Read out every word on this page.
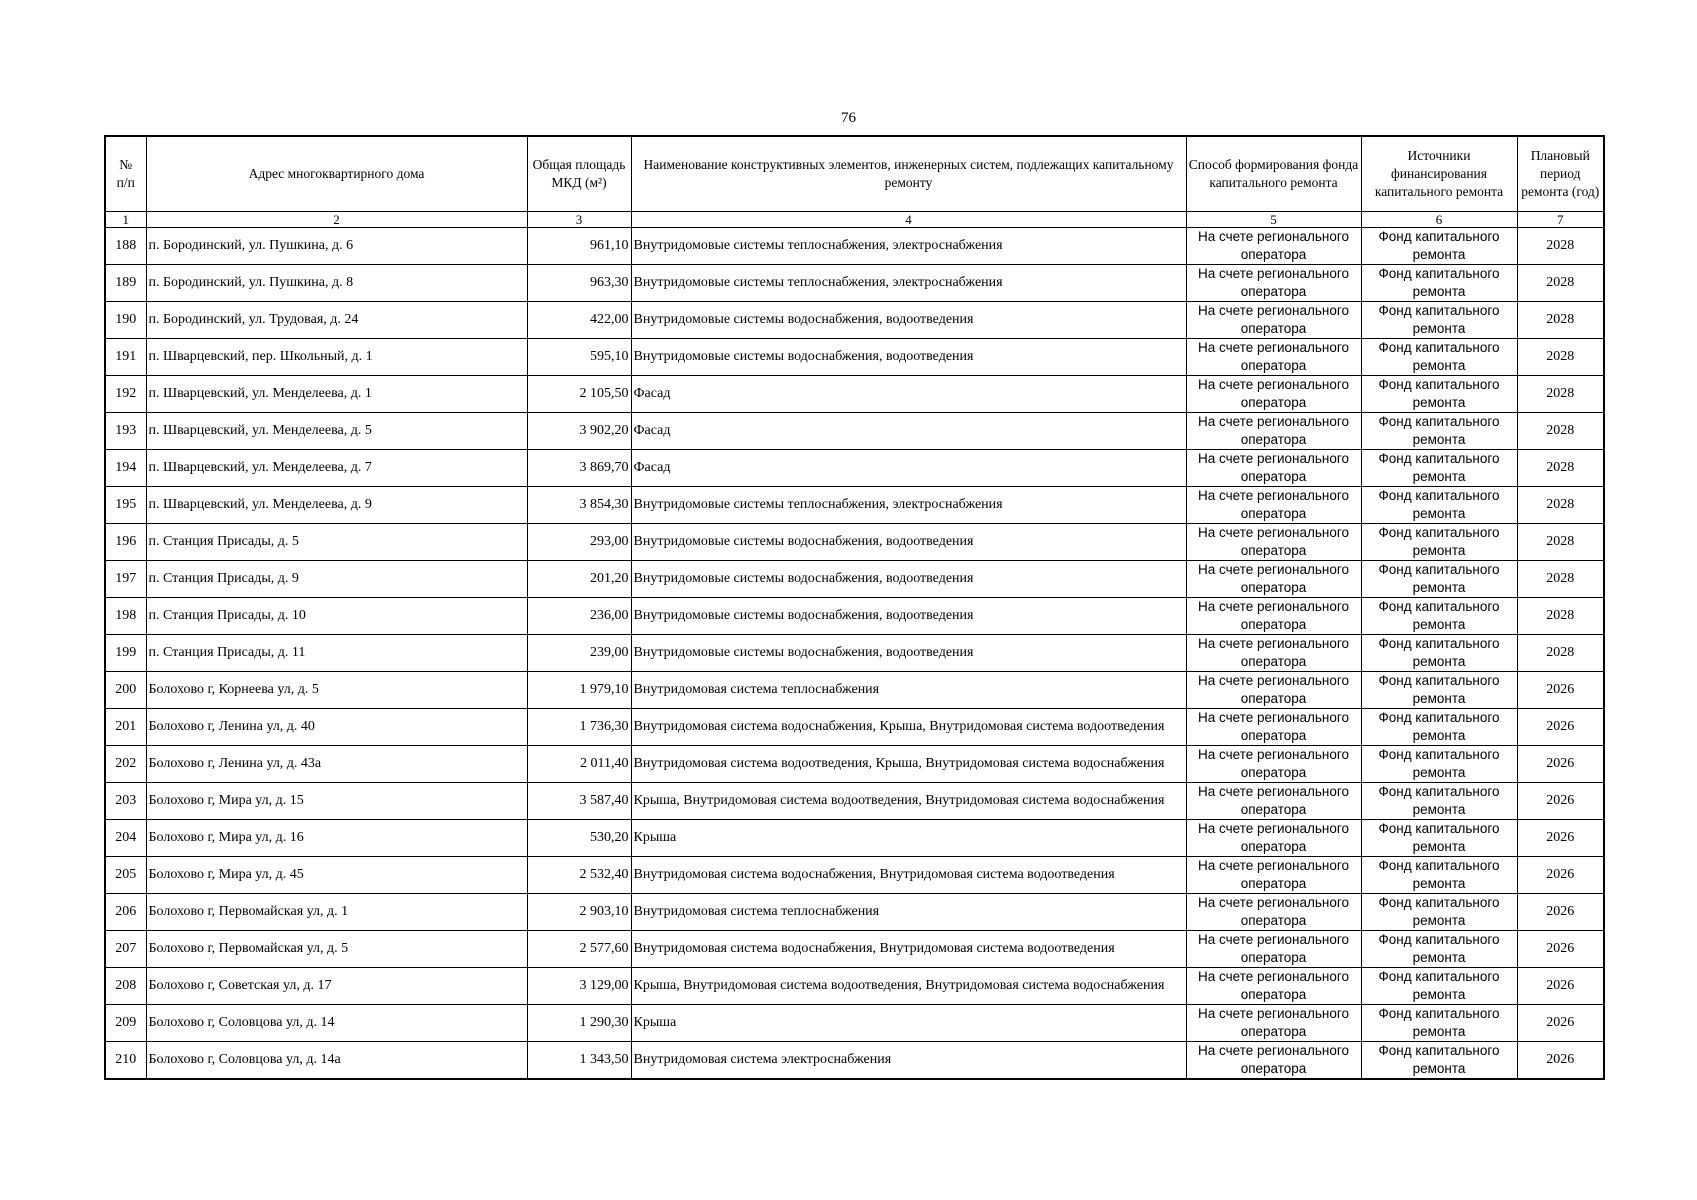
76
№
п/п	Адрес многоквартирного дома	Общая площадь МКД (м²)	Наименование конструктивных элементов, инженерных систем, подлежащих капитальному ремонту	Способ формирования фонда капитального ремонта	Источники финансирования капитального ремонта	Плановый период ремонта (год)
1	2	3	4	5	6	7
188	п. Бородинский, ул. Пушкина, д. 6	961,10	Внутридомовые системы теплоснабжения, электроснабжения	На счете регионального оператора	Фонд капитального ремонта	2028
189	п. Бородинский, ул. Пушкина, д. 8	963,30	Внутридомовые системы теплоснабжения, электроснабжения	На счете регионального оператора	Фонд капитального ремонта	2028
190	п. Бородинский, ул. Трудовая, д. 24	422,00	Внутридомовые системы водоснабжения, водоотведения	На счете регионального оператора	Фонд капитального ремонта	2028
191	п. Шварцевский, пер. Школьный, д. 1	595,10	Внутридомовые системы водоснабжения, водоотведения	На счете регионального оператора	Фонд капитального ремонта	2028
192	п. Шварцевский, ул. Менделеева, д. 1	2 105,50	Фасад	На счете регионального оператора	Фонд капитального ремонта	2028
193	п. Шварцевский, ул. Менделеева, д. 5	3 902,20	Фасад	На счете регионального оператора	Фонд капитального ремонта	2028
194	п. Шварцевский, ул. Менделеева, д. 7	3 869,70	Фасад	На счете регионального оператора	Фонд капитального ремонта	2028
195	п. Шварцевский, ул. Менделеева, д. 9	3 854,30	Внутридомовые системы теплоснабжения, электроснабжения	На счете регионального оператора	Фонд капитального ремонта	2028
196	п. Станция Присады, д. 5	293,00	Внутридомовые системы водоснабжения, водоотведения	На счете регионального оператора	Фонд капитального ремонта	2028
197	п. Станция Присады, д. 9	201,20	Внутридомовые системы водоснабжения, водоотведения	На счете регионального оператора	Фонд капитального ремонта	2028
198	п. Станция Присады, д. 10	236,00	Внутридомовые системы водоснабжения, водоотведения	На счете регионального оператора	Фонд капитального ремонта	2028
199	п. Станция Присады, д. 11	239,00	Внутридомовые системы водоснабжения, водоотведения	На счете регионального оператора	Фонд капитального ремонта	2028
200	Болохово г, Корнеева ул, д. 5	1 979,10	Внутридомовая система теплоснабжения	На счете регионального оператора	Фонд капитального ремонта	2026
201	Болохово г, Ленина ул, д. 40	1 736,30	Внутридомовая система водоснабжения, Крыша, Внутридомовая система водоотведения	На счете регионального оператора	Фонд капитального ремонта	2026
202	Болохово г, Ленина ул, д. 43а	2 011,40	Внутридомовая система водоотведения, Крыша, Внутридомовая система водоснабжения	На счете регионального оператора	Фонд капитального ремонта	2026
203	Болохово г, Мира ул, д. 15	3 587,40	Крыша, Внутридомовая система водоотведения, Внутридомовая система водоснабжения	На счете регионального оператора	Фонд капитального ремонта	2026
204	Болохово г, Мира ул, д. 16	530,20	Крыша	На счете регионального оператора	Фонд капитального ремонта	2026
205	Болохово г, Мира ул, д. 45	2 532,40	Внутридомовая система водоснабжения, Внутридомовая система водоотведения	На счете регионального оператора	Фонд капитального ремонта	2026
206	Болохово г, Первомайская ул, д. 1	2 903,10	Внутридомовая система теплоснабжения	На счете регионального оператора	Фонд капитального ремонта	2026
207	Болохово г, Первомайская ул, д. 5	2 577,60	Внутридомовая система водоснабжения, Внутридомовая система водоотведения	На счете регионального оператора	Фонд капитального ремонта	2026
208	Болохово г, Советская ул, д. 17	3 129,00	Крыша, Внутридомовая система водоотведения, Внутридомовая система водоснабжения	На счете регионального оператора	Фонд капитального ремонта	2026
209	Болохово г, Соловцова ул, д. 14	1 290,30	Крыша	На счете регионального оператора	Фонд капитального ремонта	2026
210	Болохово г, Соловцова ул, д. 14а	1 343,50	Внутридомовая система электроснабжения	На счете регионального оператора	Фонд капитального ремонта	2026
